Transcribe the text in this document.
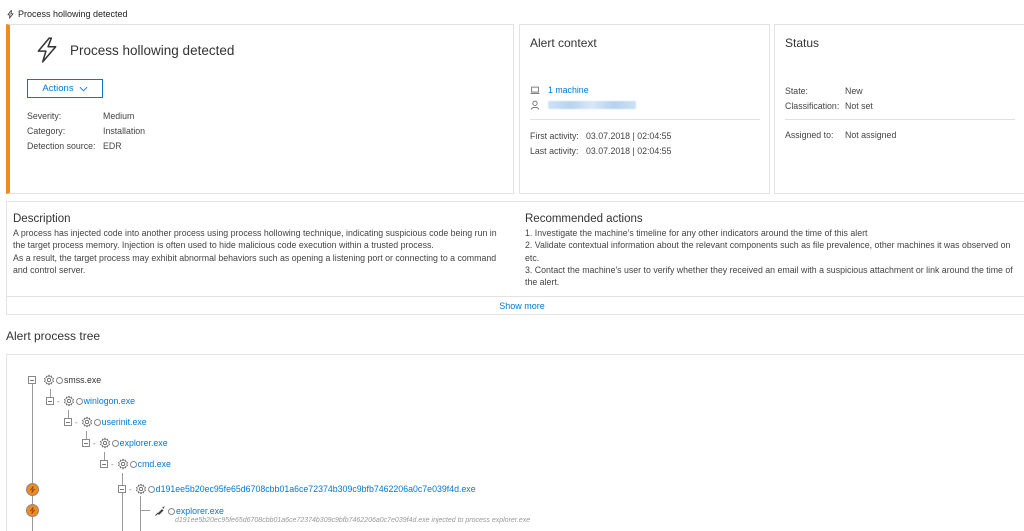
Process hollowing detected
Process hollowing detected
Actions
Severity:	Medium
Category:	Installation
Detection source: EDR
Alert context
1 machine
First activity: 03.07.2018 | 02:04:55
Last activity: 03.07.2018 | 02:04:55
Status
State:	New
Classification: Not set
Assigned to:	Not assigned
Description

A process has injected code into another process using process hollowing technique, indicating suspicious code being run in the target process memory. Injection is often used to hide malicious code execution within a trusted process.

As a result, the target process may exhibit abnormal behaviors such as opening a listening port or connecting to a command and control server.

Recommended actions

1. Investigate the machine's timeline for any other indicators around the time of this alert

2. Validate contextual information about the relevant components such as file prevalence, other machines it was observed on etc.

3. Contact the machine's user to verify whether they received an email with a suspicious attachment or link around the time of the alert.

Show more
Alert process tree
smss.exe
-	winlogon.exe
-	userinit.exe
-	explorer.exe
-	cmd.exe
-	d191ee5b20ec95fe65d6708cbb01a6ce72374b309c9bfb7462206a0c7e039f4d.exe
explorer.exe
d191ee5b20ec95fe65d6708cbb01a6ce72374b309c9bfb7462206a0c7e039f4d.exe injected to process explorer.exe
